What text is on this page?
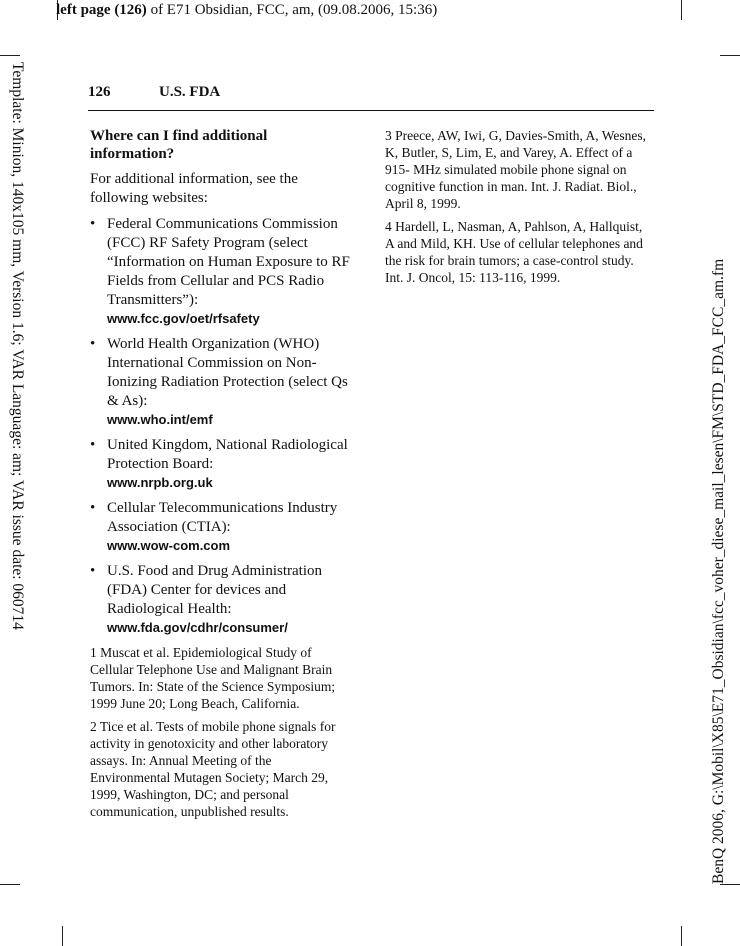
left page (126) of E71 Obsidian, FCC, am, (09.08.2006, 15:36)
Template: Minion, 140x105 mm, Version 1.6; VAR Language: am; VAR issue date: 060714	BenQ 2006, G:\Mobil\X85\E71_Obsidian\fcc_voher_diese_mail_lesen\FM\STD_FDA_FCC_am.fm
126	U.S. FDA
Where can I find additional information?

For additional information, see the following websites:

• Federal Communications Commission (FCC) RF Safety Program (select “Information on Human Exposure to RF Fields from Cellular and PCS Radio Transmitters”):
www.fcc.gov/oet/rfsafety
• World Health Organization (WHO) International Commission on Non-Ionizing Radiation Protection (select Qs & As):
www.who.int/emf
• United Kingdom, National Radiological Protection Board:
www.nrpb.org.uk
• Cellular Telecommunications Industry Association (CTIA):
www.wow-com.com
• U.S. Food and Drug Administration (FDA) Center for devices and Radiological Health:
www.fda.gov/cdhr/consumer/

1 Muscat et al. Epidemiological Study of Cellular Telephone Use and Malignant Brain Tumors. In: State of the Science Symposium; 1999 June 20; Long Beach, California.

2 Tice et al. Tests of mobile phone signals for activity in genotoxicity and other laboratory assays. In: Annual Meeting of the Environmental Mutagen Society; March 29, 1999, Washington, DC; and personal communication, unpublished results.

3 Preece, AW, Iwi, G, Davies-Smith, A, Wesnes, K, Butler, S, Lim, E, and Varey, A. Effect of a 915- MHz simulated mobile phone signal on cognitive function in man. Int. J. Radiat. Biol., April 8, 1999.

4 Hardell, L, Nasman, A, Pahlson, A, Hallquist, A and Mild, KH. Use of cellular telephones and the risk for brain tumors; a case-control study. Int. J. Oncol, 15: 113-116, 1999.
